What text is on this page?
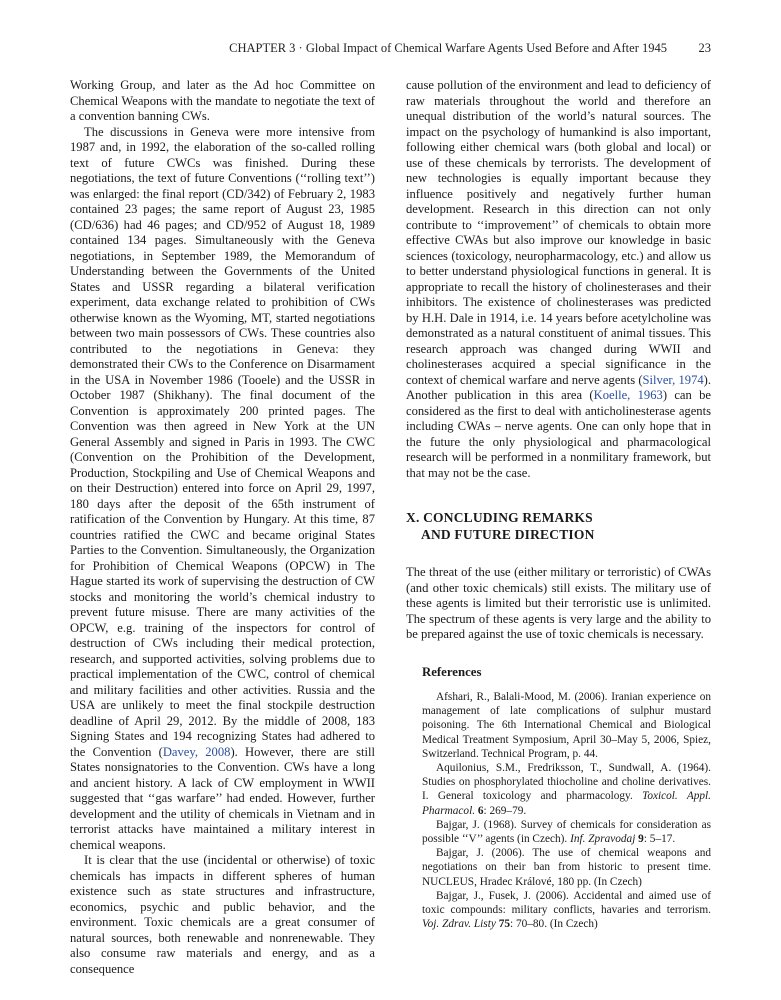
CHAPTER 3 · Global Impact of Chemical Warfare Agents Used Before and After 1945	23

Working Group, and later as the Ad hoc Committee on Chemical Weapons with the mandate to negotiate the text of a convention banning CWs.

The discussions in Geneva were more intensive from 1987 and, in 1992, the elaboration of the so-called rolling text of future CWCs was finished. During these negotiations, the text of future Conventions (‘‘rolling text’’) was enlarged: the final report (CD/342) of February 2, 1983 contained 23 pages; the same report of August 23, 1985 (CD/636) had 46 pages; and CD/952 of August 18, 1989 contained 134 pages. Simultaneously with the Geneva negotiations, in September 1989, the Memorandum of Understanding between the Governments of the United States and USSR regarding a bilateral verification experiment, data exchange related to prohibition of CWs otherwise known as the Wyoming, MT, started negotiations between two main possessors of CWs. These countries also contributed to the negotiations in Geneva: they demonstrated their CWs to the Conference on Disarmament in the USA in November 1986 (Tooele) and the USSR in October 1987 (Shikhany). The final document of the Convention is approximately 200 printed pages. The Convention was then agreed in New York at the UN General Assembly and signed in Paris in 1993. The CWC (Convention on the Prohibition of the Development, Production, Stockpiling and Use of Chemical Weapons and on their Destruction) entered into force on April 29, 1997, 180 days after the deposit of the 65th instrument of ratification of the Convention by Hungary. At this time, 87 countries ratified the CWC and became original States Parties to the Convention. Simultaneously, the Organization for Prohibition of Chemical Weapons (OPCW) in The Hague started its work of supervising the destruction of CW stocks and monitoring the world’s chemical industry to prevent future misuse. There are many activities of the OPCW, e.g. training of the inspectors for control of destruction of CWs including their medical protection, research, and supported activities, solving problems due to practical implementation of the CWC, control of chemical and military facilities and other activities. Russia and the USA are unlikely to meet the final stockpile destruction deadline of April 29, 2012. By the middle of 2008, 183 Signing States and 194 recognizing States had adhered to the Convention (Davey, 2008). However, there are still States nonsignatories to the Convention. CWs have a long and ancient history. A lack of CW employment in WWII suggested that ‘‘gas warfare’’ had ended. However, further development and the utility of chemicals in Vietnam and in terrorist attacks have maintained a military interest in chemical weapons.

It is clear that the use (incidental or otherwise) of toxic chemicals has impacts in different spheres of human existence such as state structures and infrastructure, economics, psychic and public behavior, and the environment. Toxic chemicals are a great consumer of natural sources, both renewable and nonrenewable. They also consume raw materials and energy, and as a consequence

cause pollution of the environment and lead to deficiency of raw materials throughout the world and therefore an unequal distribution of the world’s natural sources. The impact on the psychology of humankind is also important, following either chemical wars (both global and local) or use of these chemicals by terrorists. The development of new technologies is equally important because they influence positively and negatively further human development. Research in this direction can not only contribute to ‘‘improvement’’ of chemicals to obtain more effective CWAs but also improve our knowledge in basic sciences (toxicology, neuropharmacology, etc.) and allow us to better understand physiological functions in general. It is appropriate to recall the history of cholinesterases and their inhibitors. The existence of cholinesterases was predicted by H.H. Dale in 1914, i.e. 14 years before acetylcholine was demonstrated as a natural constituent of animal tissues. This research approach was changed during WWII and cholinesterases acquired a special significance in the context of chemical warfare and nerve agents (Silver, 1974). Another publication in this area (Koelle, 1963) can be considered as the first to deal with anticholinesterase agents including CWAs – nerve agents. One can only hope that in the future the only physiological and pharmacological research will be performed in a nonmilitary framework, but that may not be the case.

X. CONCLUDING REMARKS
AND FUTURE DIRECTION

The threat of the use (either military or terroristic) of CWAs (and other toxic chemicals) still exists. The military use of these agents is limited but their terroristic use is unlimited. The spectrum of these agents is very large and the ability to be prepared against the use of toxic chemicals is necessary.

References

Afshari, R., Balali-Mood, M. (2006). Iranian experience on management of late complications of sulphur mustard poisoning. The 6th International Chemical and Biological Medical Treatment Symposium, April 30–May 5, 2006, Spiez, Switzerland. Technical Program, p. 44.

Aquilonius, S.M., Fredriksson, T., Sundwall, A. (1964). Studies on phosphorylated thiocholine and choline derivatives. I. General toxicology and pharmacology. Toxicol. Appl. Pharmacol. 6: 269–79.

Bajgar, J. (1968). Survey of chemicals for consideration as possible ‘‘V’’ agents (in Czech). Inf. Zpravodaj 9: 5–17.

Bajgar, J. (2006). The use of chemical weapons and negotiations on their ban from historic to present time. NUCLEUS, Hradec Králové, 180 pp. (In Czech)

Bajgar, J., Fusek, J. (2006). Accidental and aimed use of toxic compounds: military conflicts, havaries and terrorism. Voj. Zdrav. Listy 75: 70–80. (In Czech)
